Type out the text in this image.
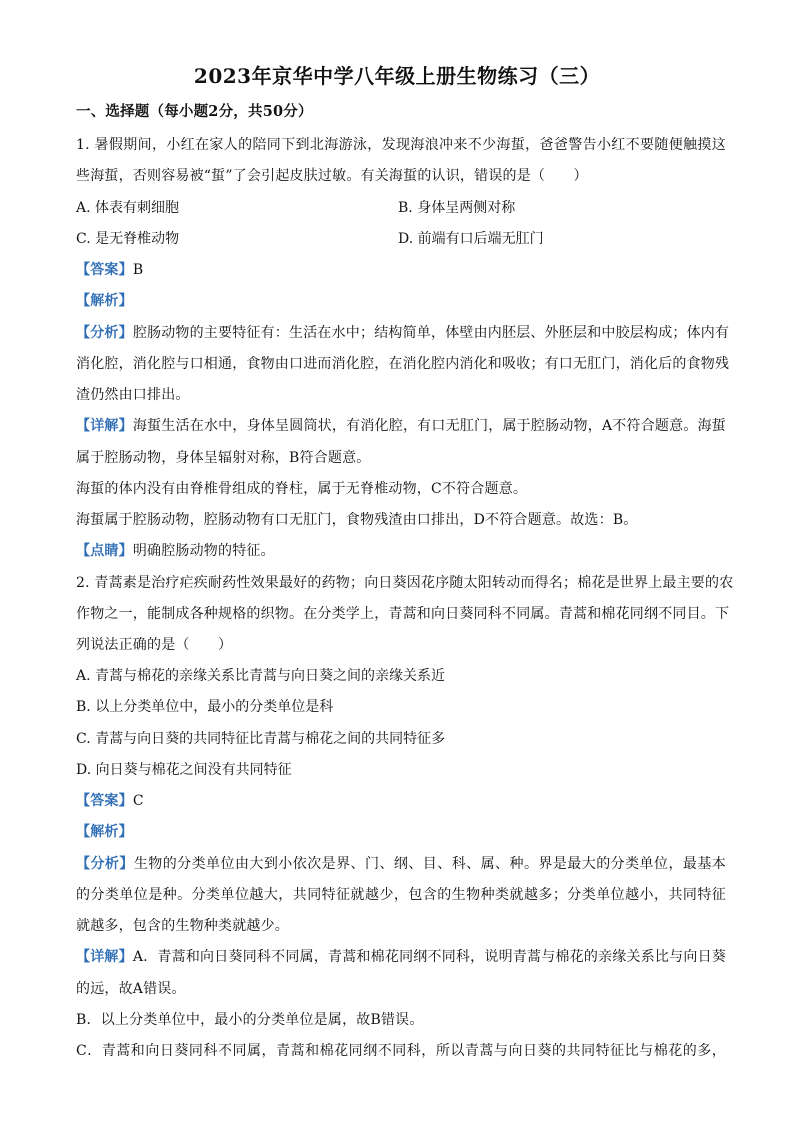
2023年京华中学八年级上册生物练习（三）
一、选择题（每小题2分，共50分）
1. 暑假期间，小红在家人的陪同下到北海游泳，发现海浪冲来不少海蜇，爸爸警告小红不要随便触摸这
些海蜇，否则容易被“蜇”了会引起皮肤过敏。有关海蜇的认识，错误的是（　　）
A. 体表有刺细胞	B. 身体呈两侧对称
C. 是无脊椎动物	D. 前端有口后端无肛门
【答案】B
【解析】
【分析】腔肠动物的主要特征有：生活在水中；结构简单，体壁由内胚层、外胚层和中胶层构成；体内有
消化腔，消化腔与口相通，食物由口进而消化腔，在消化腔内消化和吸收；有口无肛门，消化后的食物残
渣仍然由口排出。
【详解】海蜇生活在水中，身体呈圆筒状，有消化腔，有口无肛门，属于腔肠动物，A不符合题意。海蜇
属于腔肠动物，身体呈辐射对称，B符合题意。
海蜇的体内没有由脊椎骨组成的脊柱，属于无脊椎动物，C不符合题意。
海蜇属于腔肠动物，腔肠动物有口无肛门，食物残渣由口排出，D不符合题意。故选：B。
【点睛】明确腔肠动物的特征。
2. 青蒿素是治疗疟疾耐药性效果最好的药物；向日葵因花序随太阳转动而得名；棉花是世界上最主要的农
作物之一，能制成各种规格的织物。在分类学上，青蒿和向日葵同科不同属。青蒿和棉花同纲不同目。下
列说法正确的是（　　）
A. 青蒿与棉花的亲缘关系比青蒿与向日葵之间的亲缘关系近
B. 以上分类单位中，最小的分类单位是科
C. 青蒿与向日葵的共同特征比青蒿与棉花之间的共同特征多
D. 向日葵与棉花之间没有共同特征
【答案】C
【解析】
【分析】生物的分类单位由大到小依次是界、门、纲、目、科、属、种。界是最大的分类单位，最基本
的分类单位是种。分类单位越大，共同特征就越少，包含的生物种类就越多；分类单位越小，共同特征
就越多，包含的生物种类就越少。
【详解】A．青蒿和向日葵同科不同属，青蒿和棉花同纲不同科，说明青蒿与棉花的亲缘关系比与向日葵
的远，故A错误。
B．以上分类单位中，最小的分类单位是属，故B错误。
C．青蒿和向日葵同科不同属，青蒿和棉花同纲不同科，所以青蒿与向日葵的共同特征比与棉花的多，
